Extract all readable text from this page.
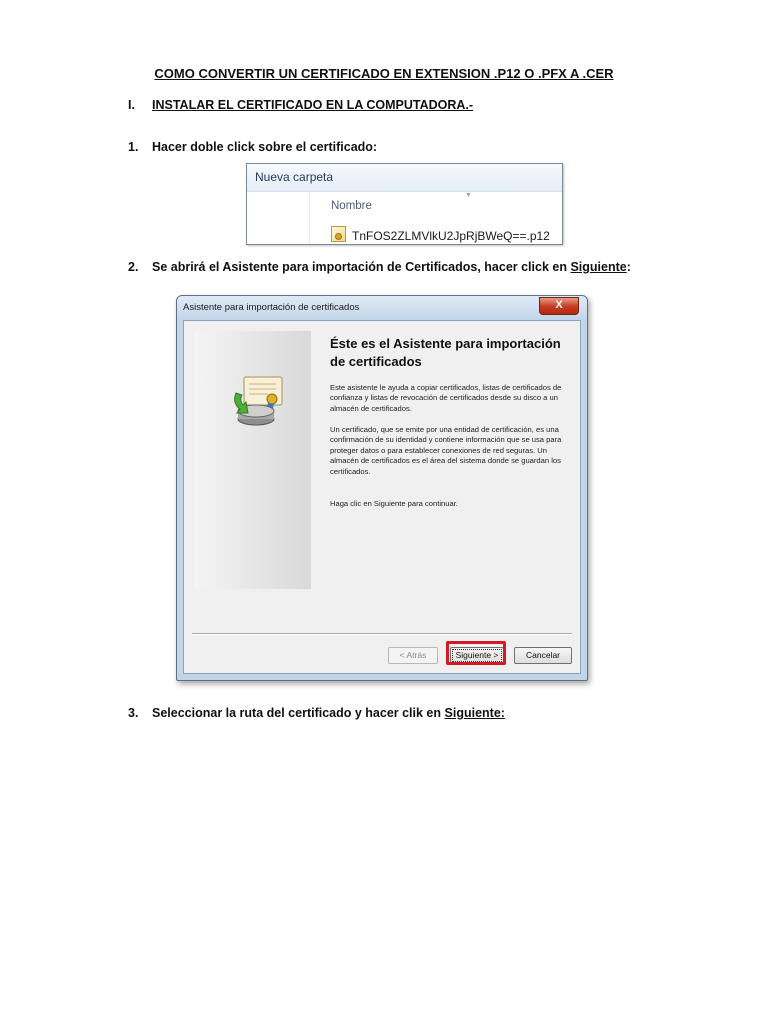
COMO CONVERTIR UN CERTIFICADO EN EXTENSION .P12 O .PFX A .CER
I. INSTALAR EL CERTIFICADO EN LA COMPUTADORA.-
1. Hacer doble click sobre el certificado:
Nueva carpeta
▼
Nombre
TnFOS2ZLMVlkU2JpRjBWeQ==.p12
2. Se abrirá el Asistente para importación de Certificados, hacer click en Siguiente:
Asistente para importación de certificados	X
Éste es el Asistente para importación de certificados
Este asistente le ayuda a copiar certificados, listas de certificados de confianza y listas de revocación de certificados desde su disco a un almacén de certificados.
Un certificado, que se emite por una entidad de certificación, es una confirmación de su identidad y contiene información que se usa para proteger datos o para establecer conexiones de red seguras. Un almacén de certificados es el área del sistema donde se guardan los certificados.
Haga clic en Siguiente para continuar.
< Atrás	Siguiente >	Cancelar
3. Seleccionar la ruta del certificado y hacer clik en Siguiente:
